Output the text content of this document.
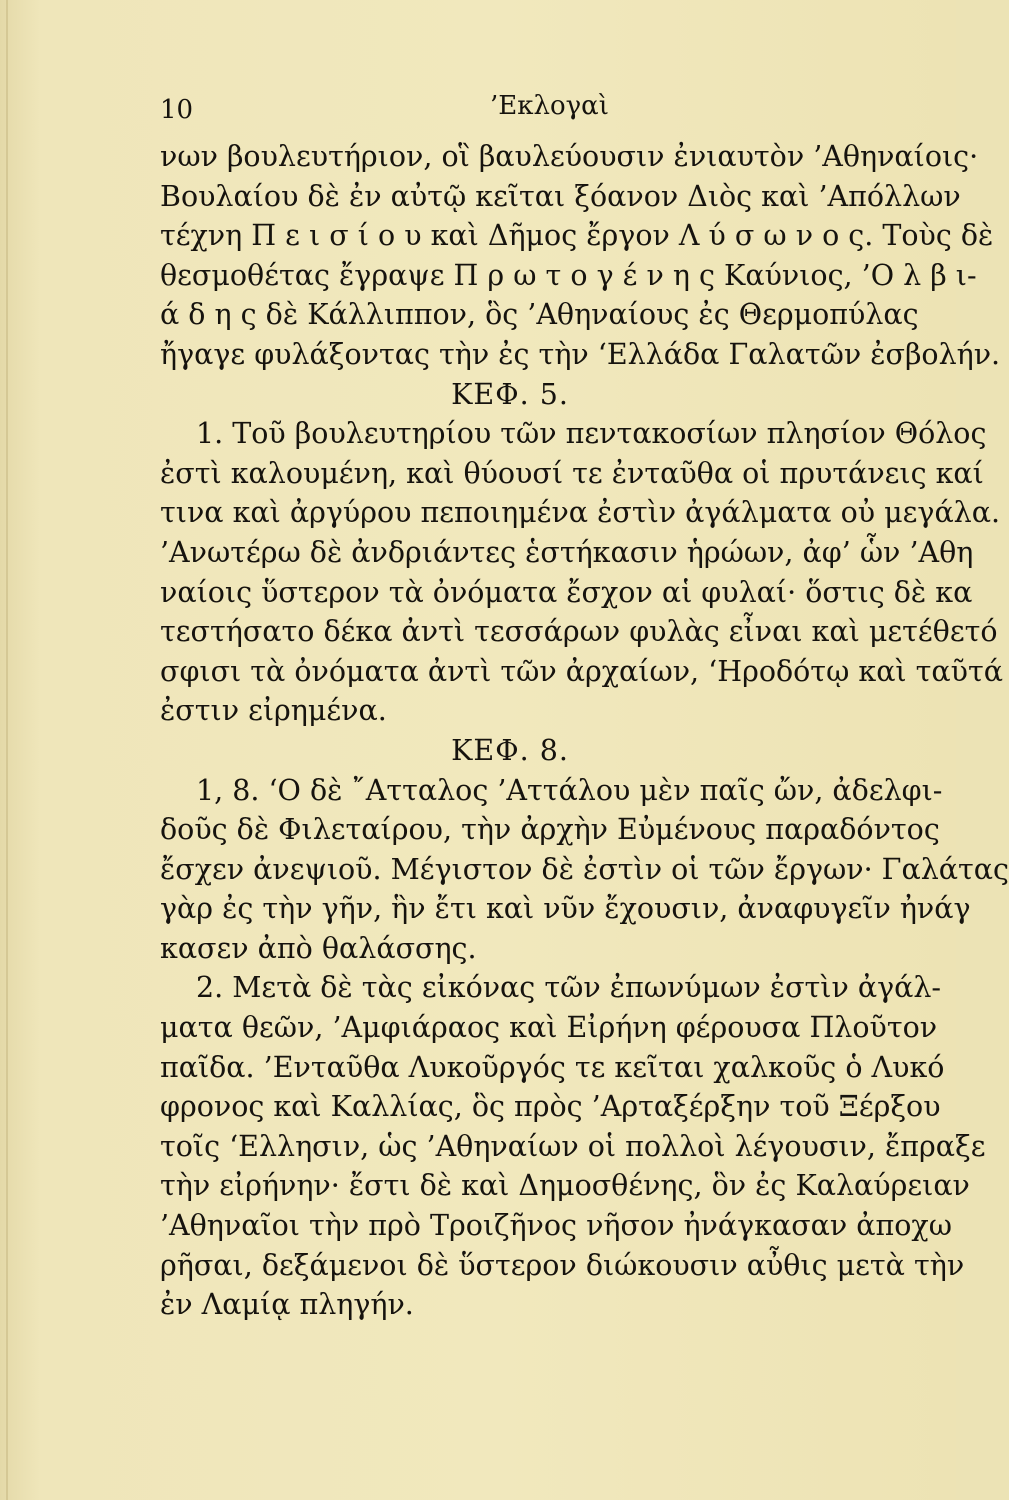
10	’Εκλογαὶ
νων βουλευτήριον, οἳ βαυλεύουσιν ἐνιαυτὸν ’Αθηναίοις·
Βουλαίου δὲ ἐν αὐτῷ κεῖται ξόανον Διὸς καὶ ’Απόλλων
τέχνη Π ε ι σ ί ο υ καὶ Δῆμος ἔργον Λ ύ σ ω ν ο ς. Τοὺς δὲ
θεσμοθέτας ἔγραψε Π ρ ω τ ο γ έ ν η ς Καύνιος, ’Ο λ β ι-
ά δ η ς δὲ Κάλλιππον, ὃς ’Αθηναίους ἐς Θερμοπύλας
ἤγαγε φυλάξοντας τὴν ἐς τὴν ‘Ελλάδα Γαλατῶν ἐσβολήν.
ΚΕΦ. 5.
1. Τοῦ βουλευτηρίου τῶν πεντακοσίων πλησίον Θόλος
ἐστὶ καλουμένη, καὶ θύουσί τε ἐνταῦθα οἱ πρυτάνεις καί
τινα καὶ ἀργύρου πεποιημένα ἐστὶν ἀγάλματα οὐ μεγάλα.
’Ανωτέρω δὲ ἀνδριάντες ἑστήκασιν ἡρώων, ἀφ’ ὧν ’Αθη
ναίοις ὕστερον τὰ ὀνόματα ἔσχον αἱ φυλαί· ὅστις δὲ κα
τεστήσατο δέκα ἀντὶ τεσσάρων φυλὰς εἶναι καὶ μετέθετό
σφισι τὰ ὀνόματα ἀντὶ τῶν ἀρχαίων, ‘Ηροδότῳ καὶ ταῦτά
ἐστιν εἰρημένα.
ΚΕΦ. 8.
1, 8. ‘Ο δὲ ῎Ατταλος ’Αττάλου μὲν παῖς ὤν, ἀδελφι-
δοῦς δὲ Φιλεταίρου, τὴν ἀρχὴν Εὐμένους παραδόντος
ἔσχεν ἀνεψιοῦ. Μέγιστον δὲ ἐστὶν οἱ τῶν ἔργων· Γαλάτας
γὰρ ἐς τὴν γῆν, ἣν ἔτι καὶ νῦν ἔχουσιν, ἀναφυγεῖν ἠνάγ
κασεν ἀπὸ θαλάσσης.
2. Μετὰ δὲ τὰς εἰκόνας τῶν ἐπωνύμων ἐστὶν ἀγάλ-
ματα θεῶν, ’Αμφιάραος καὶ Εἰρήνη φέρουσα Πλοῦτον
παῖδα. ’Ενταῦθα Λυκοῦργός τε κεῖται χαλκοῦς ὁ Λυκό
φρονος καὶ Καλλίας, ὃς πρὸς ’Αρταξέρξην τοῦ Ξέρξου
τοῖς ‘Ελλησιν, ὡς ’Αθηναίων οἱ πολλοὶ λέγουσιν, ἔπραξε
τὴν εἰρήνην· ἔστι δὲ καὶ Δημοσθένης, ὃν ἐς Καλαύρειαν
’Αθηναῖοι τὴν πρὸ Τροιζῆνος νῆσον ἠνάγκασαν ἀποχω
ρῆσαι, δεξάμενοι δὲ ὕστερον διώκουσιν αὖθις μετὰ τὴν
ἐν Λαμίᾳ πληγήν.
